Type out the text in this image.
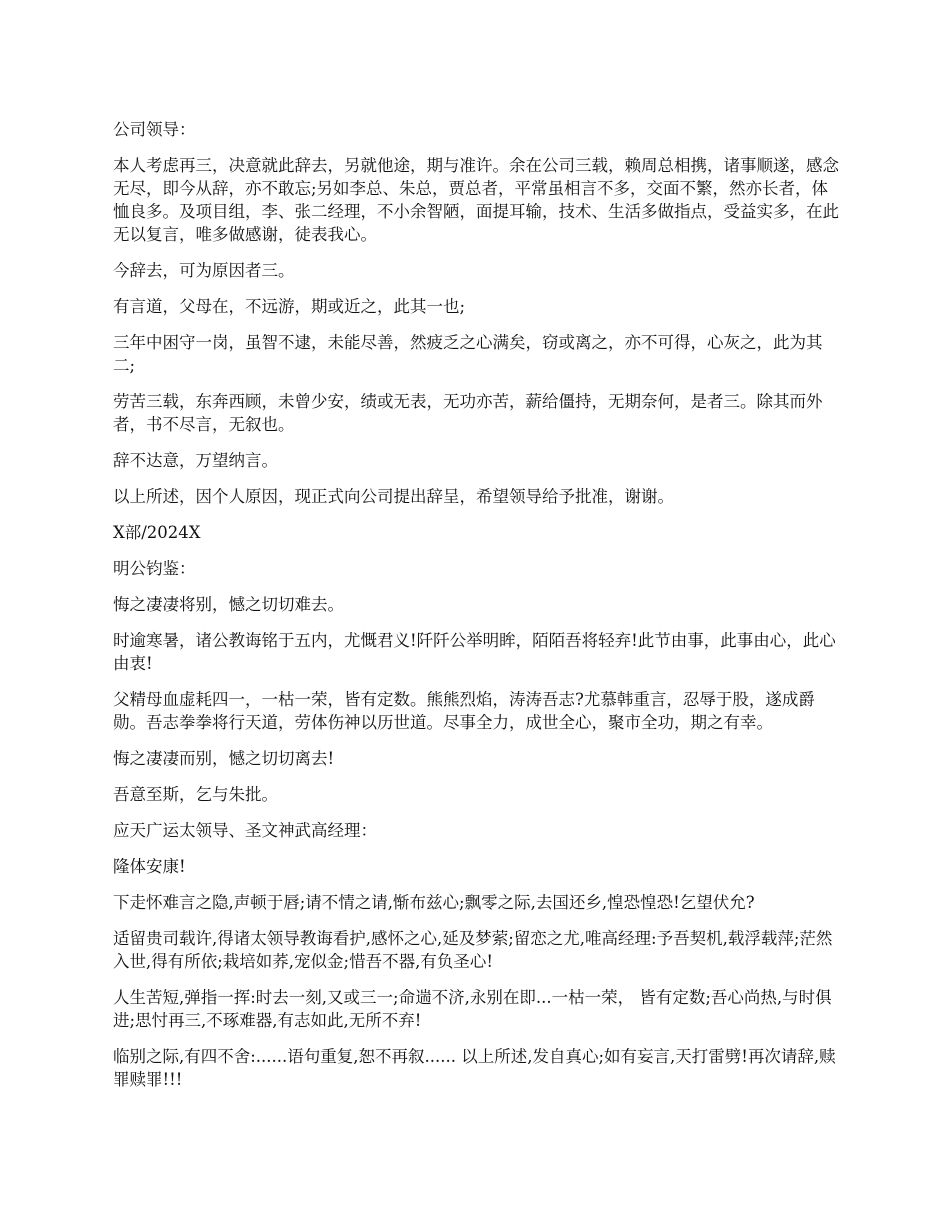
公司领导：

本人考虑再三，决意就此辞去，另就他途，期与准许。余在公司三载，赖周总相携，诸事顺遂，感念无尽，即今从辞，亦不敢忘;另如李总、朱总，贾总者，平常虽相言不多，交面不繁，然亦长者，体恤良多。及项目组，李、张二经理，不小余智陋，面提耳输，技术、生活多做指点，受益实多，在此无以复言，唯多做感谢，徒表我心。

今辞去，可为原因者三。

有言道，父母在，不远游，期或近之，此其一也;

三年中困守一岗，虽智不逮，未能尽善，然疲乏之心满矣，窃或离之，亦不可得，心灰之，此为其二;

劳苦三载，东奔西顾，未曾少安，绩或无表，无功亦苦，薪给僵持，无期奈何，是者三。除其而外者，书不尽言，无叙也。

辞不达意，万望纳言。

以上所述，因个人原因，现正式向公司提出辞呈，希望领导给予批准，谢谢。

X部/2024X

明公钧鉴：

悔之凄凄将别，憾之切切难去。

时逾寒暑，诸公教诲铭于五内，尤慨君义!阡阡公举明眸，陌陌吾将轻弃!此节由事，此事由心，此心由衷!

父精母血虚耗四一，一枯一荣，皆有定数。熊熊烈焰，涛涛吾志?尤慕韩重言，忍辱于股，遂成爵勋。吾志拳拳将行天道，劳体伤神以历世道。尽事全力，成世全心，聚市全功，期之有幸。

悔之凄凄而别，憾之切切离去!

吾意至斯，乞与朱批。

应天广运太领导、圣文神武高经理：

隆体安康!

下走怀难言之隐,声顿于唇;请不情之请,惭布兹心;飘零之际,去国还乡,惶恐惶恐!乞望伏允?

适留贵司载许,得诸太领导教诲看护,感怀之心,延及梦萦;留恋之尤,唯高经理:予吾契机,载浮载萍;茫然入世,得有所依;栽培如荞,宠似金;惜吾不器,有负圣心!

人生苦短,弹指一挥:时去一刻,又或三一;命遄不济,永别在即...一枯一荣， 皆有定数;吾心尚热,与时俱进;思忖再三,不琢难器,有志如此,无所不弃!

临别之际,有四不舍:......语句重复,恕不再叙...... 以上所述,发自真心;如有妄言,天打雷劈!再次请辞,赎罪赎罪!!!
